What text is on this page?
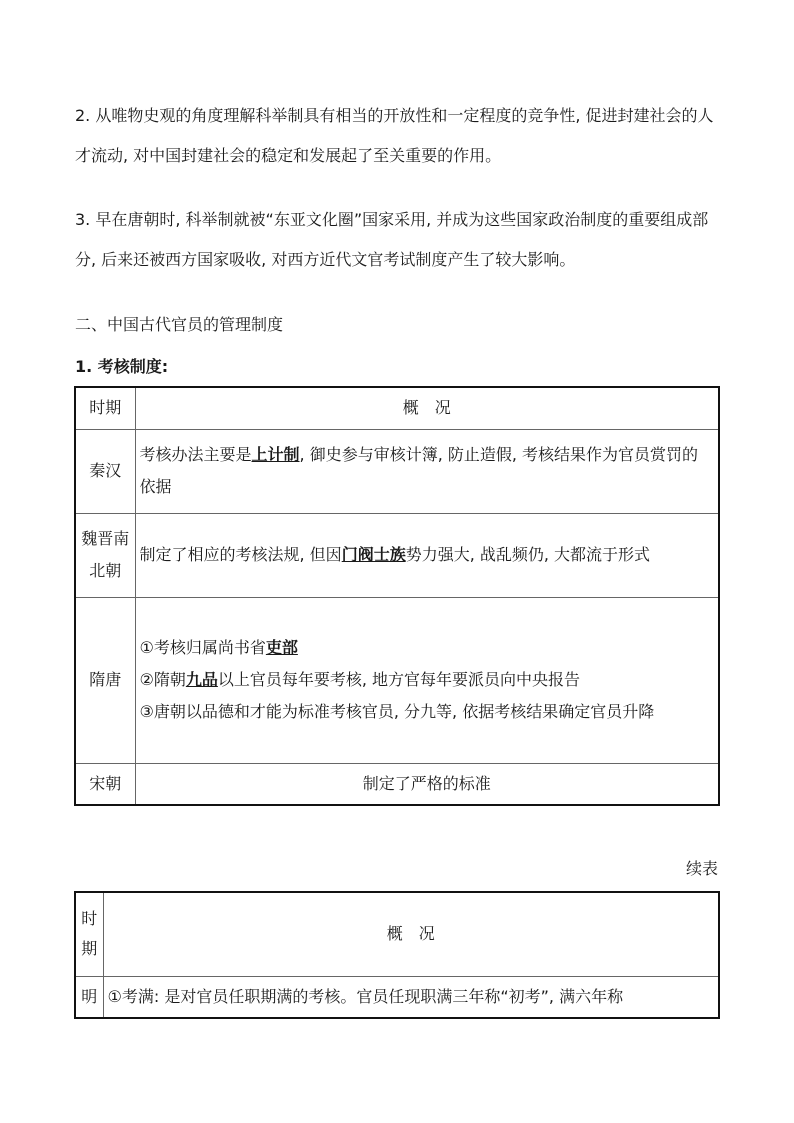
2. 从唯物史观的角度理解科举制具有相当的开放性和一定程度的竞争性, 促进封建社会的人才流动, 对中国封建社会的稳定和发展起了至关重要的作用。

3. 早在唐朝时, 科举制就被“东亚文化圈”国家采用, 并成为这些国家政治制度的重要组成部分, 后来还被西方国家吸收, 对西方近代文官考试制度产生了较大影响。

二、中国古代官员的管理制度

1. 考核制度:

时期	概　况
秦汉	考核办法主要是上计制, 御史参与审核计簿, 防止造假, 考核结果作为官员赏罚的依据
魏晋南北朝	制定了相应的考核法规, 但因门阀士族势力强大, 战乱频仍, 大都流于形式
隋唐	①考核归属尚书省吏部
②隋朝九品以上官员每年要考核, 地方官每年要派员向中央报告
③唐朝以品德和才能为标准考核官员, 分九等, 依据考核结果确定官员升降

宋朝	制定了严格的标准
续表
时期	概　况
明	①考满: 是对官员任职期满的考核。官员任现职满三年称“初考”, 满六年称
